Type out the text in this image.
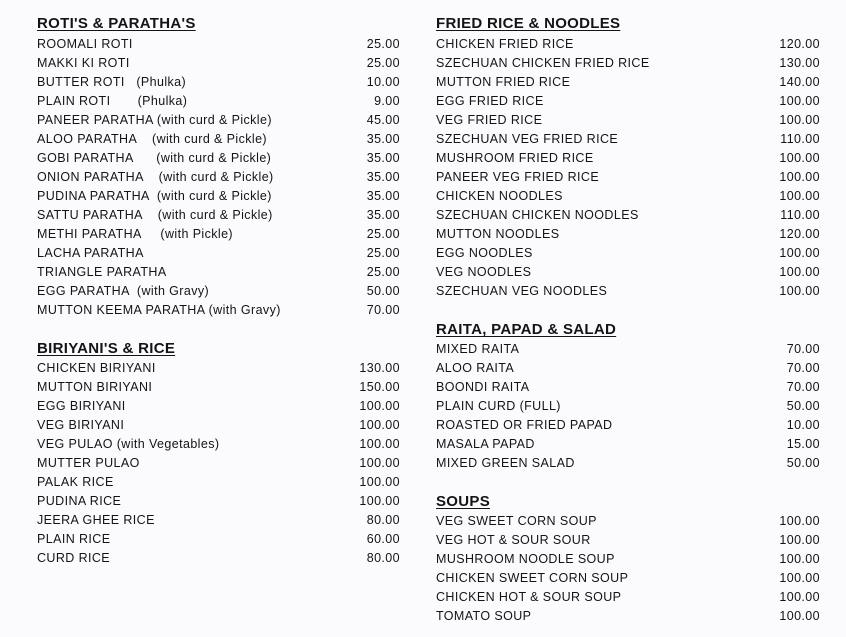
ROTI'S & PARATHA'S
ROOMALI ROTI	25.00
MAKKI KI ROTI	25.00
BUTTER ROTI   (Phulka)	10.00
PLAIN ROTI       (Phulka)	9.00
PANEER PARATHA (with curd & Pickle)	45.00
ALOO PARATHA    (with curd & Pickle)	35.00
GOBI PARATHA      (with curd & Pickle)	35.00
ONION PARATHA    (with curd & Pickle)	35.00
PUDINA PARATHA  (with curd & Pickle)	35.00
SATTU PARATHA    (with curd & Pickle)	35.00
METHI PARATHA     (with Pickle)	25.00
LACHA PARATHA	25.00
TRIANGLE PARATHA	25.00
EGG PARATHA  (with Gravy)	50.00
MUTTON KEEMA PARATHA (with Gravy)	70.00
BIRIYANI'S & RICE
CHICKEN BIRIYANI	130.00
MUTTON BIRIYANI	150.00
EGG BIRIYANI	100.00
VEG BIRIYANI	100.00
VEG PULAO (with Vegetables)	100.00
MUTTER PULAO	100.00
PALAK RICE	100.00
PUDINA RICE	100.00
JEERA GHEE RICE	80.00
PLAIN RICE	60.00
CURD RICE	80.00
FRIED RICE & NOODLES
CHICKEN FRIED RICE	120.00
SZECHUAN CHICKEN FRIED RICE	130.00
MUTTON FRIED RICE	140.00
EGG FRIED RICE	100.00
VEG FRIED RICE	100.00
SZECHUAN VEG FRIED RICE	110.00
MUSHROOM FRIED RICE	100.00
PANEER VEG FRIED RICE	100.00
CHICKEN NOODLES	100.00
SZECHUAN CHICKEN NOODLES	110.00
MUTTON NOODLES	120.00
EGG NOODLES	100.00
VEG NOODLES	100.00
SZECHUAN VEG NOODLES	100.00
RAITA, PAPAD & SALAD
MIXED RAITA	70.00
ALOO RAITA	70.00
BOONDI RAITA	70.00
PLAIN CURD (FULL)	50.00
ROASTED OR FRIED PAPAD	10.00
MASALA PAPAD	15.00
MIXED GREEN SALAD	50.00
SOUPS
VEG SWEET CORN SOUP	100.00
VEG HOT & SOUR SOUR	100.00
MUSHROOM NOODLE SOUP	100.00
CHICKEN SWEET CORN SOUP	100.00
CHICKEN HOT & SOUR SOUP	100.00
TOMATO SOUP	100.00
